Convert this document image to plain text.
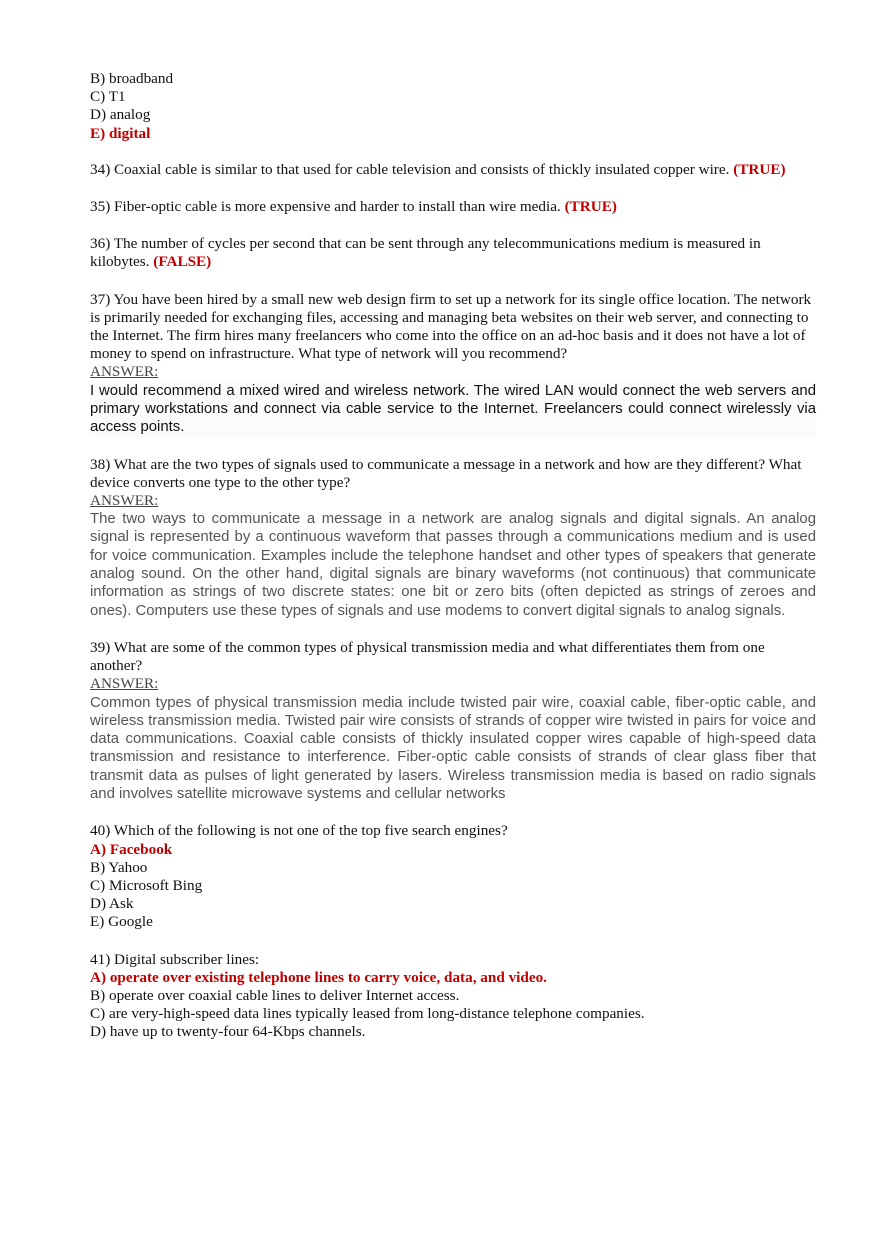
B) broadband
C) T1
D) analog
E) digital
34) Coaxial cable is similar to that used for cable television and consists of thickly insulated copper wire. (TRUE)
35) Fiber-optic cable is more expensive and harder to install than wire media. (TRUE)
36) The number of cycles per second that can be sent through any telecommunications medium is measured in kilobytes. (FALSE)
37) You have been hired by a small new web design firm to set up a network for its single office location. The network is primarily needed for exchanging files, accessing and managing beta websites on their web server, and connecting to the Internet. The firm hires many freelancers who come into the office on an ad-hoc basis and it does not have a lot of money to spend on infrastructure. What type of network will you recommend?
ANSWER:
I would recommend a mixed wired and wireless network. The wired LAN would connect the web servers and primary workstations and connect via cable service to the Internet. Freelancers could connect wirelessly via access points.
38) What are the two types of signals used to communicate a message in a network and how are they different? What device converts one type to the other type?
ANSWER:
The two ways to communicate a message in a network are analog signals and digital signals. An analog signal is represented by a continuous waveform that passes through a communications medium and is used for voice communication. Examples include the telephone handset and other types of speakers that generate analog sound. On the other hand, digital signals are binary waveforms (not continuous) that communicate information as strings of two discrete states: one bit or zero bits (often depicted as strings of zeroes and ones). Computers use these types of signals and use modems to convert digital signals to analog signals.
39) What are some of the common types of physical transmission media and what differentiates them from one another?
ANSWER:
Common types of physical transmission media include twisted pair wire, coaxial cable, fiber-optic cable, and wireless transmission media. Twisted pair wire consists of strands of copper wire twisted in pairs for voice and data communications. Coaxial cable consists of thickly insulated copper wires capable of high-speed data transmission and resistance to interference. Fiber-optic cable consists of strands of clear glass fiber that transmit data as pulses of light generated by lasers. Wireless transmission media is based on radio signals and involves satellite microwave systems and cellular networks
40) Which of the following is not one of the top five search engines?
A) Facebook
B) Yahoo
C) Microsoft Bing
D) Ask
E) Google
41) Digital subscriber lines:
A) operate over existing telephone lines to carry voice, data, and video.
B) operate over coaxial cable lines to deliver Internet access.
C) are very-high-speed data lines typically leased from long-distance telephone companies.
D) have up to twenty-four 64-Kbps channels.
